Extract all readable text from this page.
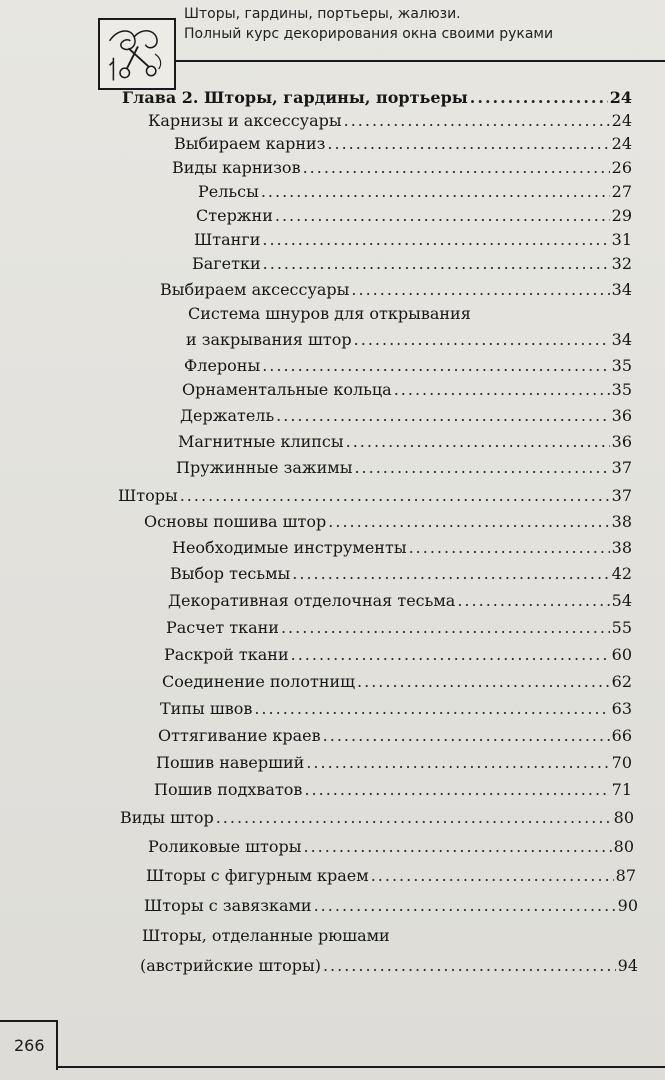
Шторы, гардины, портьеры, жалюзи.
Полный курс декорирования окна своими руками
Глава 2. Шторы, гардины, портьеры .....	24
Карнизы и аксессуары .....	24
Выбираем карниз .....	24
Виды карнизов .....	26
Рельсы .....	27
Стержни .....	29
Штанги .....	31
Багетки .....	32
Выбираем аксессуары .....	34
Система шнуров для открывания
и закрывания штор .....	34
Флероны .....	35
Орнаментальные кольца .....	35
Держатель .....	36
Магнитные клипсы .....	36
Пружинные зажимы .....	37
Шторы .....	37
Основы пошива штор .....	38
Необходимые инструменты .....	38
Выбор тесьмы .....	42
Декоративная отделочная тесьма .....	54
Расчет ткани .....	55
Раскрой ткани .....	60
Соединение полотнищ .....	62
Типы швов .....	63
Оттягивание краев .....	66
Пошив наверший .....	70
Пошив подхватов .....	71
Виды штор .....	80
Роликовые шторы .....	80
Шторы с фигурным краем .....	87
Шторы с завязками .....	90
Шторы, отделанные рюшами
(австрийские шторы) .....	94
266
